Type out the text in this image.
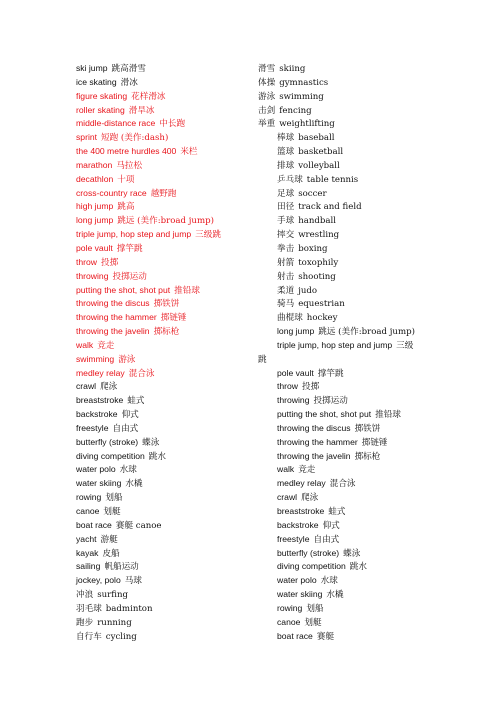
ski jump 跳高滑雪
ice skating 滑冰
figure skating 花样滑冰
roller skating 滑旱冰
middle-distance race 中长跑
sprint 短跑 (美作:dash)
the 400 metre hurdles 400 米栏
marathon 马拉松
decathlon 十项
cross-country race 越野跑
high jump 跳高
long jump 跳远 (美作:broad jump)
triple jump, hop step and jump 三级跳
pole vault 撑竿跳
throw 投掷
throwing 投掷运动
putting the shot, shot put 推铅球
throwing the discus 掷铁饼
throwing the hammer 掷链锤
throwing the javelin 掷标枪
walk 竞走
swimming 游泳
medley relay 混合泳
crawl 爬泳
breaststroke 蛙式
backstroke 仰式
freestyle 自由式
butterfly (stroke) 蝶泳
diving competition 跳水
water polo 水球
water skiing 水橇
rowing 划船
canoe 划艇
boat race 赛艇 canoe
yacht 游艇
kayak 皮船
sailing 帆船运动
jockey, polo 马球
冲浪 surfing
羽毛球 badminton
跑步 running
自行车 cycling
滑雪 skiing
体操 gymnastics
游泳 swimming
击剑 fencing
举重 weightlifting
棒球 baseball
篮球 basketball
排球 volleyball
乒乓球 table tennis
足球 soccer
田径 track and field
手球 handball
摔交 wrestling
拳击 boxing
射箭 toxophily
射击 shooting
柔道 judo
骑马 equestrian
曲棍球 hockey
long jump 跳远 (美作:broad jump)
triple jump, hop step and jump 三级
跳
pole vault 撑竿跳
throw 投掷
throwing 投掷运动
putting the shot, shot put 推铅球
throwing the discus 掷铁饼
throwing the hammer 掷链锤
throwing the javelin 掷标枪
walk 竞走
medley relay 混合泳
crawl 爬泳
breaststroke 蛙式
backstroke 仰式
freestyle 自由式
butterfly (stroke) 蝶泳
diving competition 跳水
water polo 水球
water skiing 水橇
rowing 划船
canoe 划艇
boat race 赛艇
